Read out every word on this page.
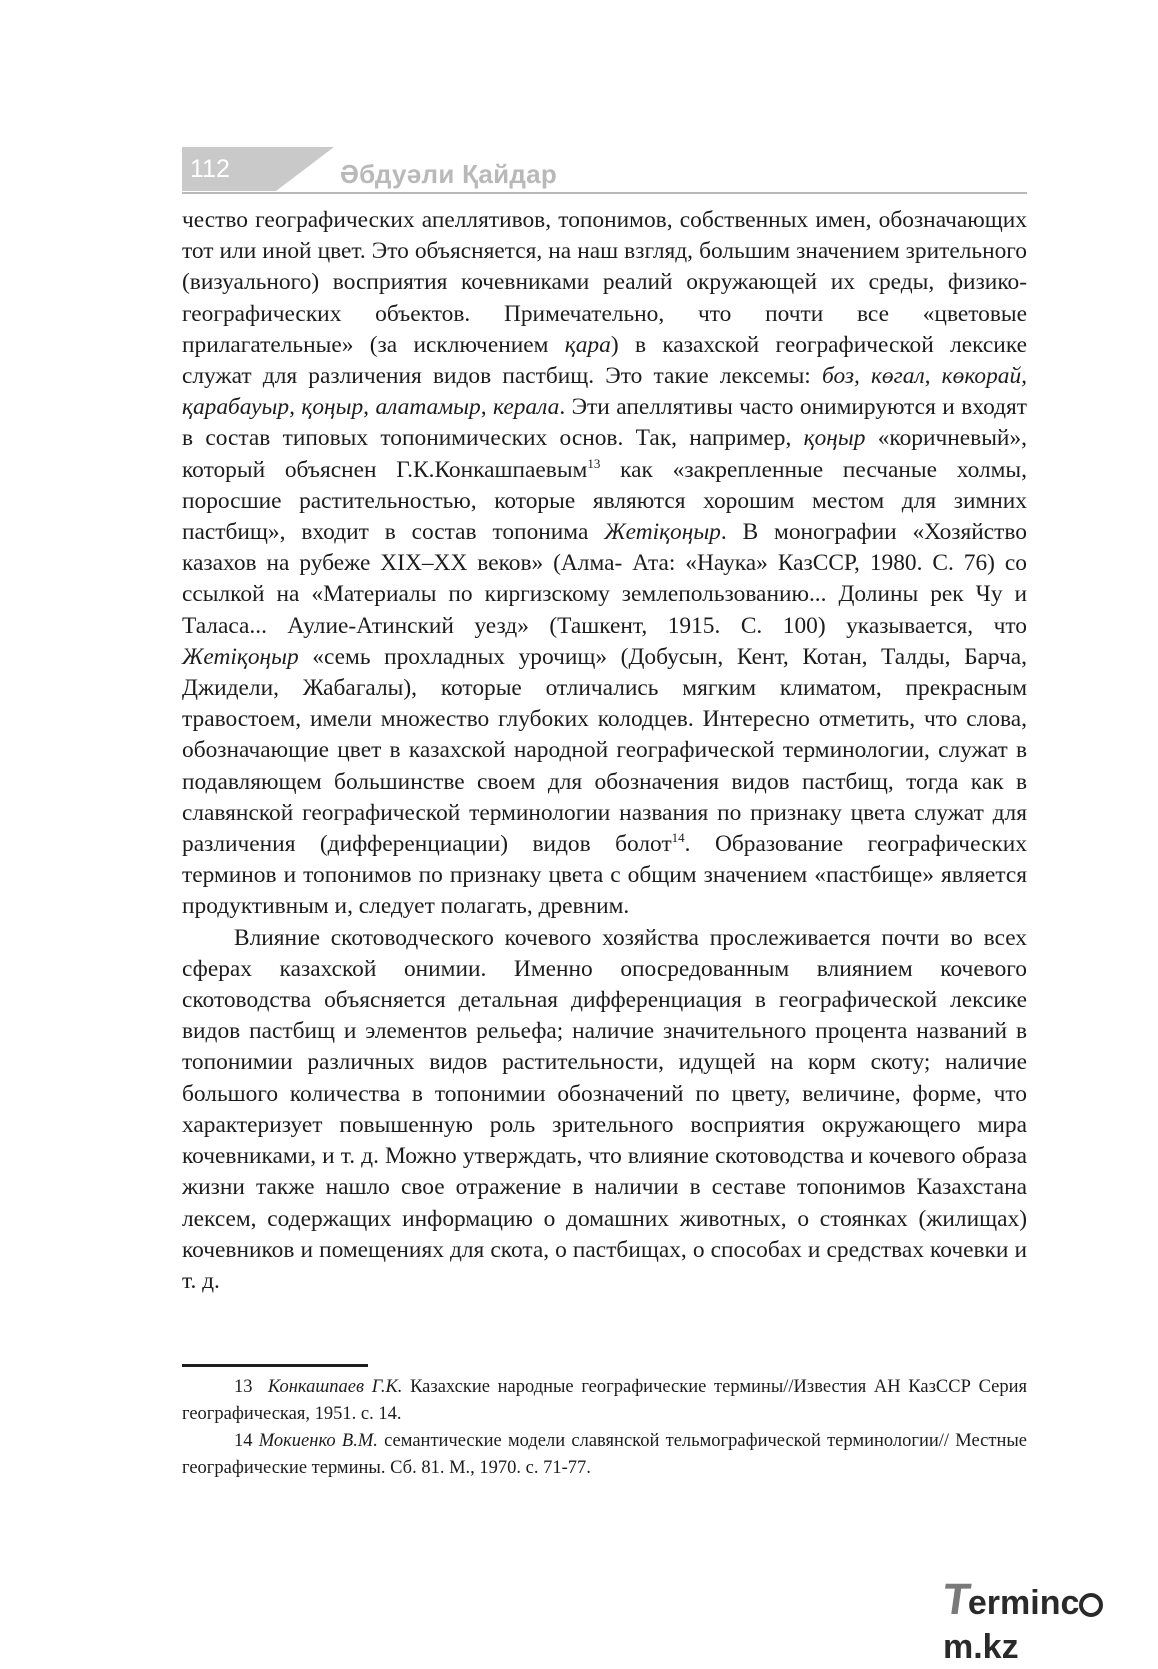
112	Әбдуәли Қайдар

чество географических апеллятивов, топонимов, собственных имен, обозначающих тот или иной цвет. Это объясняется, на наш взгляд, большим значением зрительного (визуального) восприятия кочевниками реалий окружающей их среды, физико-географических объектов. Примечательно, что почти все «цветовые прилагательные» (за исключением қара) в казахской географической лексике служат для различения видов пастбищ. Это такие лексемы: боз, көгал, көкорай, қарабауыр, қоңыр, алатамыр, керала. Эти апеллятивы часто онимируются и входят в состав типовых топонимических основ. Так, например, қоңыр «коричневый», который объяснен Г.К.Конкашпаевым$^{13}$ как «закрепленные песчаные холмы, поросшие растительностью, которые являются хорошим местом для зимних пастбищ», входит в состав топонима Жетіқоңыр. В монографии «Хозяйство казахов на рубеже XIX–XX веков» (Алма- Ата: «Наука» КазССР, 1980. С. 76) со ссылкой на «Материалы по киргизскому землепользованию... Долины рек Чу и Таласа... Аулие-Атинский уезд» (Ташкент, 1915. С. 100) указывается, что Жетіқоңыр «семь прохладных урочищ» (Добусын, Кент, Котан, Талды, Барча, Джидели, Жабагалы), которые отличались мягким климатом, прекрасным травостоем, имели множество глубоких колодцев. Интересно отметить, что слова, обозначающие цвет в казахской народной географической терминологии, служат в подавляющем большинстве своем для обозначения видов пастбищ, тогда как в славянской географической терминологии названия по признаку цвета служат для различения (дифференциации) видов болот$^{14}$. Образование географических терминов и топонимов по признаку цвета с общим значением «пастбище» является продуктивным и, следует полагать, древним.

Влияние скотоводческого кочевого хозяйства прослеживается почти во всех сферах казахской онимии. Именно опосредованным влиянием кочевого скотоводства объясняется детальная дифференциация в географической лексике видов пастбищ и элементов рельефа; наличие значительного процента названий в топонимии различных видов растительности, идущей на корм скоту; наличие большого количества в топонимии обозначений по цвету, величине, форме, что характеризует повышенную роль зрительного восприятия окружающего мира кочевниками, и т. д. Можно утверждать, что влияние скотоводства и кочевого образа жизни также нашло свое отражение в наличии в сеставе топонимов Казахстана лексем, содержащих информацию о домашних животных, о стоянках (жилищах) кочевников и помещениях для скота, о пастбищах, о способах и средствах кочевки и т. д.

13 Конкашпаев Г.К. Казахские народные географические термины//Известия АН КазССР Серия географическая, 1951. с. 14.

14 Мокиенко В.М. семантические модели славянской тельмографической терминологии// Местные географические термины. Сб. 81. М., 1970. с. 71-77.

Termincm.kz
